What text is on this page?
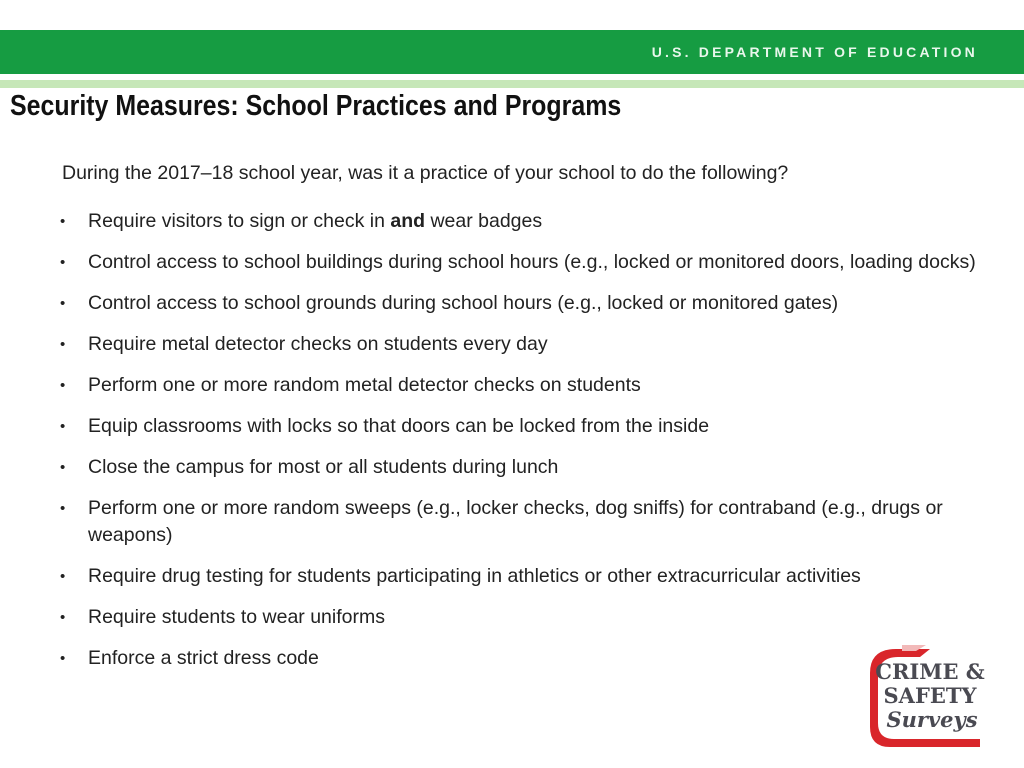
U.S. DEPARTMENT OF EDUCATION
Security Measures: School Practices and Programs

During the 2017–18 school year, was it a practice of your school to do the following?

• Require visitors to sign or check in and wear badges
• Control access to school buildings during school hours (e.g., locked or monitored doors, loading docks)
• Control access to school grounds during school hours (e.g., locked or monitored gates)
• Require metal detector checks on students every day
• Perform one or more random metal detector checks on students
• Equip classrooms with locks so that doors can be locked from the inside
• Close the campus for most or all students during lunch
• Perform one or more random sweeps (e.g., locker checks, dog sniffs) for contraband (e.g., drugs or weapons)
• Require drug testing for students participating in athletics or other extracurricular activities
• Require students to wear uniforms
• Enforce a strict dress code
CRIME &
SAFETY
Surveys
